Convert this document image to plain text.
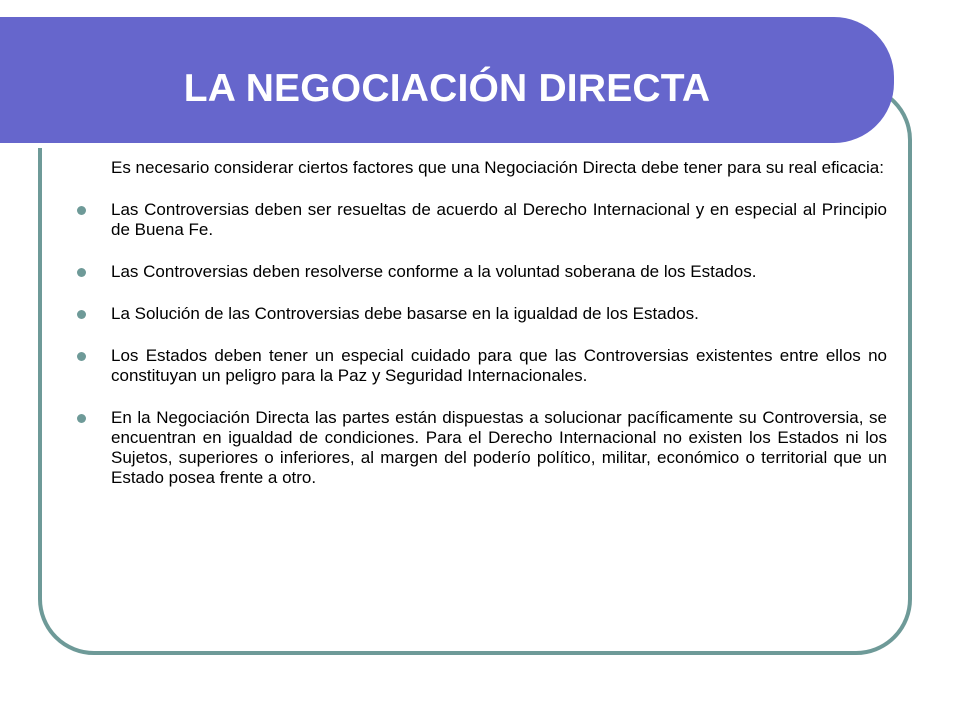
LA NEGOCIACIÓN DIRECTA

Es necesario considerar ciertos factores que una Negociación Directa debe tener para su real eficacia:

Las Controversias deben ser resueltas de acuerdo al Derecho Internacional y en especial al Principio de Buena Fe.
Las Controversias deben resolverse conforme a la voluntad soberana de los Estados.
La Solución de las Controversias debe basarse en la igualdad de los Estados.
Los Estados deben tener un especial cuidado para que las Controversias existentes entre ellos no constituyan un peligro para la Paz y Seguridad Internacionales.
En la Negociación Directa las partes están dispuestas a solucionar pacíficamente su Controversia, se encuentran en igualdad de condiciones. Para el Derecho Internacional no existen los Estados ni los Sujetos, superiores o inferiores, al margen del poderío político, militar, económico o territorial que un Estado posea frente a otro.
